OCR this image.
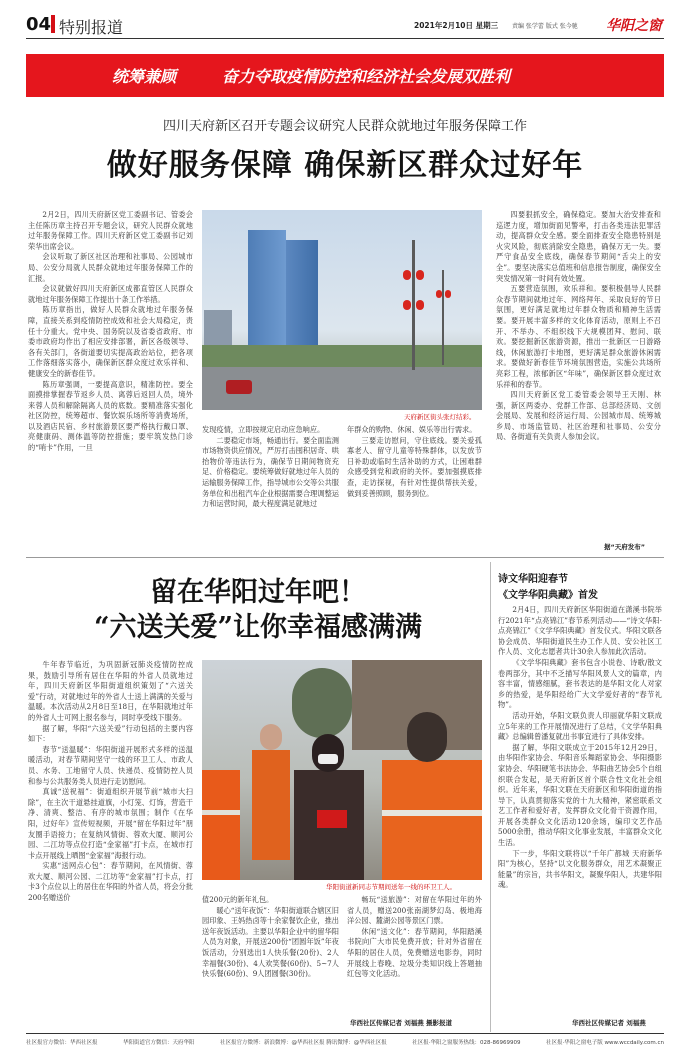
04 特别报道	2021年2月10日 星期三 责编 张学蕾 版式 张今驰 华阳之窗
统筹兼顾	奋力夺取疫情防控和经济社会发展双胜利
四川天府新区召开专题会议研究人民群众就地过年服务保障工作
做好服务保障 确保新区群众过好年

2月2日，四川天府新区党工委副书记、管委会主任陈历章主持召开专题会议，研究人民群众就地过年服务保障工作。四川天府新区党工委副书记刘荣华出席会议。

会议听取了新区社区治理和社事局、公园城市局、公安分局就人民群众就地过年服务保障工作的汇报。

会议就做好四川天府新区成都直管区人民群众就地过年服务保障工作提出十条工作举措。

陈历章指出，做好人民群众就地过年服务保障，直接关系到疫情防控成效和社会大局稳定，责任十分重大。党中央、国务院以及省委省政府、市委市政府均作出了相应安排部署，新区各级领导、各有关部门，各街道要切实提高政治站位，把各项工作落细落实落小，确保新区群众度过欢乐祥和、健康安全的新春佳节。

陈历章强调，一要提高意识，精准防控。要全面摸排掌握春节返乡人员、离蓉后返回人员，境外来蓉人员和解除隔离人员的底数。要精准落实强化社区防控，统筹超市、餐饮娱乐场所等消费场所，以及酒店民宿、乡村旅游景区要严格执行戴口罩、亮健康码、测体温等防控措施；要牢筑发热门诊的“哨卡”作用，一旦

天府新区街头张灯结彩。

发现疫情，立即按规定启动应急响应。

二要稳定市场，畅通出行。要全面监测市场物资供应情况，严厉打击囤积居奇、哄抬物价等违法行为，确保节日期间物资充足、价格稳定。要统筹做好就地过年人员的运输服务保障工作，指导城市公交等公共服务单位和出租汽车企业根据需要合理调整运力和运营时间，最大程度满足就地过

年群众的购物、休闲、娱乐等出行需求。

三要走访慰问，守住底线。要关爱孤寡老人、留守儿童等特殊群体，以发放节日补助或临时生活补助的方式，让困难群众感受到党和政府的关怀。要加强摸底排查，走访探视，有针对性提供帮扶关爱，做到妥善照顾，服务到位。

四要狠抓安全，确保稳定。要加大治安排查和巡逻力度，增加街面见警率，打击各类违法犯罪活动，提高群众安全感。要全面排查安全隐患特别是火灾风险，彻底消除安全隐患，确保万无一失。要严守食品安全底线，确保春节期间“舌尖上的安全”。要坚决落实总值班和信息报告制度，确保安全突发情况第一时间有效处置。

五要营造氛围，欢乐祥和。要积极倡导人民群众春节期间就地过年、网络拜年、采取良好的节日氛围，更好满足就地过年群众物质和精神生活需要。要开展丰富多样的文化体育活动，原则上不召开、不举办、不组织线下大规模团拜、慰问、联欢。要挖掘新区旅游资源，推出一批新区一日游路线，休闲旅游打卡地图，更好满足群众旅游休闲需求。要做好新春佳节环境氛围营造，实施公共场所亮彩工程，浓郁新区“年味”，确保新区群众度过欢乐祥和的春节。

四川天府新区党工委管委会领导王天刚、林强，新区两委办、党群工作部、总部经济局、文创会展局、发展和经济运行局、公园城市局、统筹城乡局、市场监管局、社区治理和社事局、公安分局、各街道有关负责人参加会议。

据“天府发布”
留在华阳过年吧！
“六送关爱”让你幸福感满满

牛年春节临近，为巩固新冠肺炎疫情防控成果，鼓励引导所有居住在华阳的外省人员就地过年，四川天府新区华阳街道组织策划了“六送关爱”行动，对就地过年的外省人士送上满满的关爱与温暖。本次活动从2月8日至18日，在华阳就地过年的外省人士可网上报名参与，同时享受线下服务。

据了解，华阳“六送关爱”行动包括的主要内容如下：

春节“送温暖”：华阳街道开展形式多样的送温暖活动，对春节期间坚守一线的环卫工人、市政人员、水务、工地留守人员、快递员、疫情防控人员和参与公共服务类人员进行走访慰问。

真诚“送祝福”：街道组织开展节前“城市大扫除”，在主次干道悬挂道旗，小灯笼、灯饰，营造干净、清爽、整洁、有序的城市氛围；制作《在华阳，过好年》宣传短视频，开展“留在华阳过年”朋友圈手语接力；在复纳风情街、蓉欢大厦、顺河公园、二江坊等点位打造“金家福”打卡点，在城市打卡点开展线上晒图“金家福”海报行动。

实惠“送网点心包”：春节期间，在风情街、蓉欢大厦、顺河公园、二江坊等“金家福”打卡点，打卡3个点位以上的居住在华阳的外省人员，将会分批200名赠送价

华阳街道新同志节期间送年一线的环卫工人。

值200元的新年礼包。

暖心“送年夜饭”：华阳街道联合辖区旧园印象、王妈热卤等十余家餐饮企业，推出送年夜饭活动。主要以华阳企业中的留华阳人员为对象，开展送200份“团圆年饭”年夜饭活动，分别选出1人快乐餐(20份)、2人幸福餐(30份)、4人欢笑餐(60份)、5~7人快乐餐(60份)、9人团圆餐(30份)。

畅玩“送旅游”：对留在华阳过年的外省人员，赠送200张南湖梦幻岛、极地海洋公园、麓湖公园等景区门票。

休闲“送文化”：春节期间，华阳踏溪书院向广大市民免费开放；针对外省留在华阳的居住人员，免费赠送电影券，同时开展线上春晚、垃圾分类知识线上答题抽红包等文化活动。

华西社区传媒记者 刘福燕 摄影报道
诗文华阳迎春节
《文学华阳典藏》首发

2月4日，四川天府新区华阳街道在潇溪书院举行2021年“点亮锦江”春节系列活动——“诗文华阳·点亮锦江”《文学华阳典藏》首发仪式。华阳文联各协会成员、华阳街道民生办工作人员、安公社区工作人员、文化志愿者共计30余人参加此次活动。

《文学华阳典藏》套书包含小说卷、诗歌/散文卷两部分，其中不乏描写华阳风景人文的篇章，内容丰富，情感细腻，套书表达的是华阳文化人对家乡的热爱，是华阳经给广大文学爱好者的“春节礼物”。

活动开始，华阳文联负责人印丽就华阳文联成立5年来的工作开展情况进行了总结，《文学华阳典藏》总编辑曾潘复就出书事宜进行了具体安排。

据了解，华阳文联成立于2015年12月29日，由华阳作家协会、华阳音乐舞蹈家协会、华阳摄影家协会、华阳硬笔书法协会、华阳曲艺协会5个自组织联合发起，是天府新区首个联合性文化社会组织。近年来，华阳文联在天府新区和华阳街道的指导下，认真贯彻落实党的十九大精神，紧密联系文艺工作者和爱好者，发挥群众文化骨干资源作用，开展各类群众文化活动120余场，编印文艺作品5000余册，推动华阳文化事业发展，丰富群众文化生活。

下一步，华阳文联将以“千年广都城 天府新华阳”为核心，坚持“以文化服务群众，用艺术凝聚正能量”的宗旨，共书华阳文，凝聚华阳人，共建华阳魂。

华西社区传媒记者 刘福燕
社区报官方微信：华西社区报	华阳街道官方微信：天府华阳	社区报官方微博：新浪微博：@华西社区报 腾讯微博：@华西社区报	社区报·华阳之窗服务热线：028-86969909	社区报·华阳之窗电子版 www.wccdaily.com.cn
